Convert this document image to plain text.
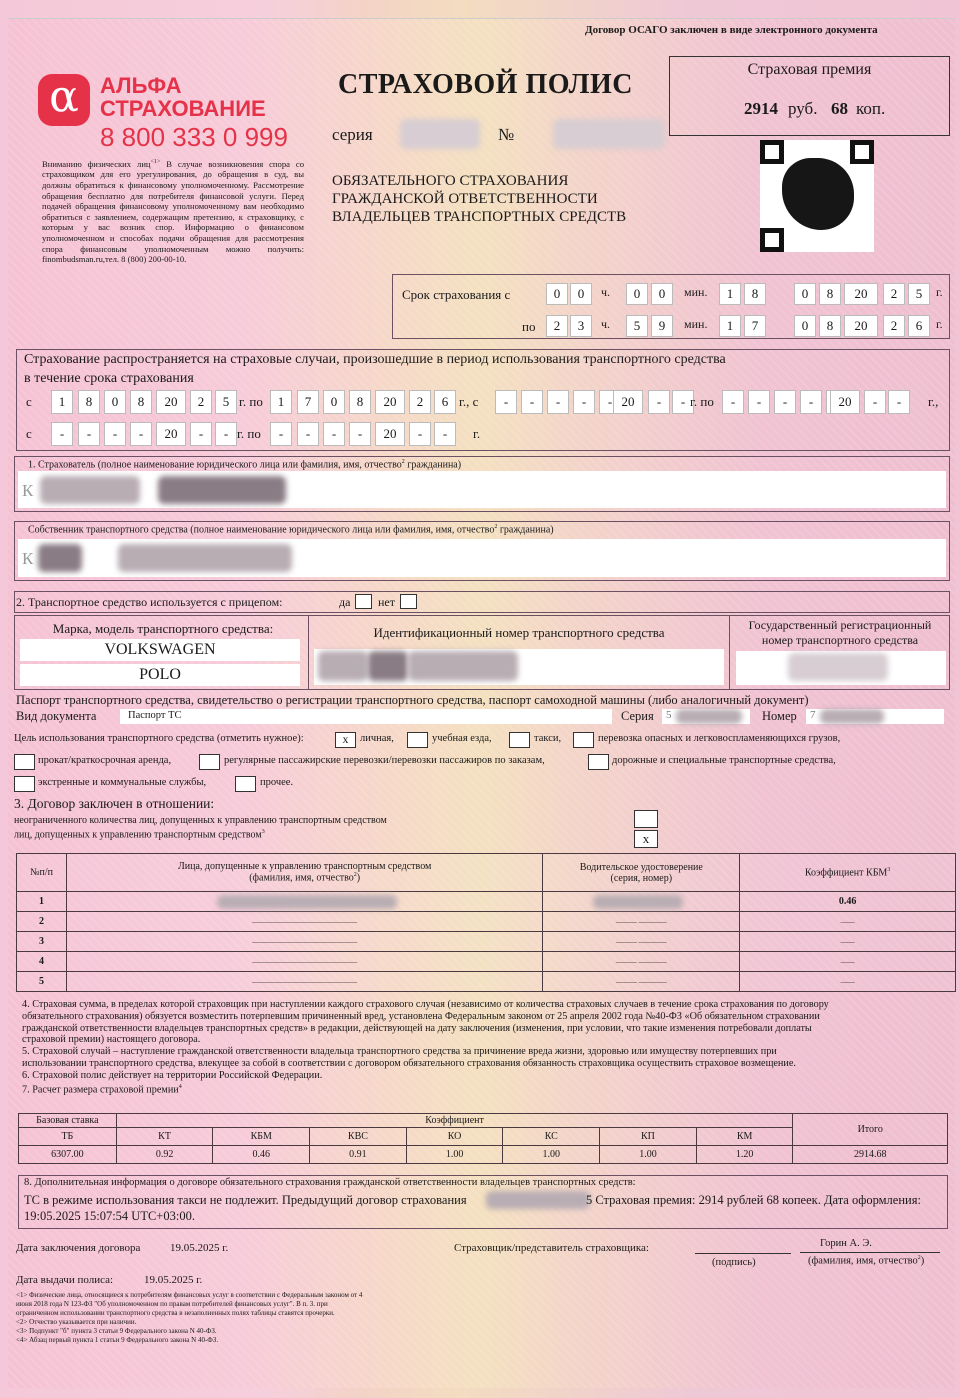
Договор ОСАГО заключен в виде электронного документа
α АЛЬФА
СТРАХОВАНИЕ
8 800 333 0 999
Вниманию физических лиц$^{<1>}$ В случае возникновения спора со страховщиком для его урегулирования, до обращения в суд, вы должны обратиться к финансовому уполномоченному. Рассмотрение обращения бесплатно для потребителя финансовой услуги. Перед подачей обращения финансовому уполномоченному вам необходимо обратиться с заявлением, содержащим претензию, к страховщику, с которым у вас возник спор. Информацию о финансовом уполномоченном и способах подачи обращения для рассмотрения спора финансовым уполномоченным можно получить: finombudsman.ru,тел. 8 (800) 200-00-10.
СТРАХОВОЙ ПОЛИС
серия	№
ОБЯЗАТЕЛЬНОГО СТРАХОВАНИЯ
ГРАЖДАНСКОЙ ОТВЕТСТВЕННОСТИ
ВЛАДЕЛЬЦЕВ ТРАНСПОРТНЫХ СРЕДСТВ
Страховая премия
2914 руб. 68 коп.
Срок страхования с
по
0	0	ч.	0	0	мин.	1	8	0	8	20	2	5	г.
2	3	ч.	5	9	мин.	1	7	0	8	20	2	6	г.
Страхование распространяется на страховые случаи, произошедшие в период использования транспортного средства
в течение срока страхования
с	1	8	0	8	20	2	5 г. по	1	7	0	8	20	2	6 г., с	-	-	-	-	- 20	-	- г. по	-	-	-	-	20	-	-	г.,
с	-	-	-	-	20	-	- г. по	-	-	-	-	20	-	-	г.
1. Страхователь (полное наименование юридического лица или фамилия, имя, отчество$^2$ гражданина)
К
Собственник транспортного средства (полное наименование юридического лица или фамилия, имя, отчество$^2$ гражданина)
К
2. Транспортное средство используется с прицепом:	да нет
Марка, модель транспортного средства:
VOLKSWAGEN
POLO
Идентификационный номер транспортного средства	Государственный регистрационный
номер транспортного средства
Паспорт транспортного средства, свидетельство о регистрации транспортного средства, паспорт самоходной машины (либо аналогичный документ)
Вид документа	Паспорт ТС	Серия 5	Номер 7
Цель использования транспортного средства (отметить нужное):	x	личная,	учебная езда,	такси,	перевозка опасных и легковоспламеняющихся грузов,
прокат/краткосрочная аренда,	регулярные пассажирские перевозки/перевозки пассажиров по заказам,	дорожные и специальные транспортные средства,
экстренные и коммунальные службы,	прочее.
3. Договор заключен в отношении:
неограниченного количества лиц, допущенных к управлению транспортным средством
лиц, допущенных к управлению транспортным средством$^3$	x
№п/п	Лица, допущенные к управлению транспортным средством
(фамилия, имя, отчество$^2$)	Водительское удостоверение
(серия, номер)	Коэффициент КБМ$^3$
1			0.46
2	———————————————	——— ————	——
3	———————————————	——— ————	——
4	———————————————	——— ————	——
5	———————————————	——— ————	——
4. Страховая сумма, в пределах которой страховщик при наступлении каждого страхового случая (независимо от количества страховых случаев в течение срока страхования по договору
обязательного страхования) обязуется возместить потерпевшим причиненный вред, установлена Федеральным законом от 25 апреля 2002 года №40-ФЗ «Об обязательном страховании
гражданской ответственности владельцев транспортных средств» в редакции, действующей на дату заключения (изменения, при условии, что такие изменения потребовали доплаты
страховой премии) настоящего договора.
5. Страховой случай – наступление гражданской ответственности владельца транспортного средства за причинение вреда жизни, здоровью или имуществу потерпевших при
использовании транспортного средства, влекущее за собой в соответствии с договором обязательного страхования обязанность страховщика осуществить страховое возмещение.
6. Страховой полис действует на территории Российской Федерации.
7. Расчет размера страховой премии$^4$
Базовая ставка	Коэффициент							Итого
ТБ	КТ	КБМ	КВС	КО	КС	КП	КМ	
6307.00	0.92	0.46	0.91	1.00	1.00	1.00	1.20	2914.68
8. Дополнительная информация о договоре обязательного страхования гражданской ответственности владельцев транспортных средств:
ТС в режиме использования такси не подлежит. Предыдущий договор страхования	5 Страховая премия: 2914 рублей 68 копеек. Дата оформления:
19:05.2025 15:07:54 UTC+03:00.
Дата заключения договора	19.05.2025 г.	Страховщик/представитель страховщика:
(подпись)
Горин А. Э.
(фамилия, имя, отчество$^2$)
Дата выдачи полиса:	19.05.2025 г.
<1> Физические лица, относящиеся к потребителям финансовых услуг в соответствии с Федеральным законом от 4
июня 2018 года N 123-ФЗ "Об уполномоченном по правам потребителей финансовых услуг". В п. 3. при
ограниченном использовании транспортного средства в незаполненных полях таблицы ставятся прочерки.
<2> Отчество указывается при наличии.
<3> Подпункт "б" пункта 3 статьи 9 Федерального закона N 40-ФЗ.
<4> Абзац первый пункта 1 статьи 9 Федерального закона N 40-ФЗ.
